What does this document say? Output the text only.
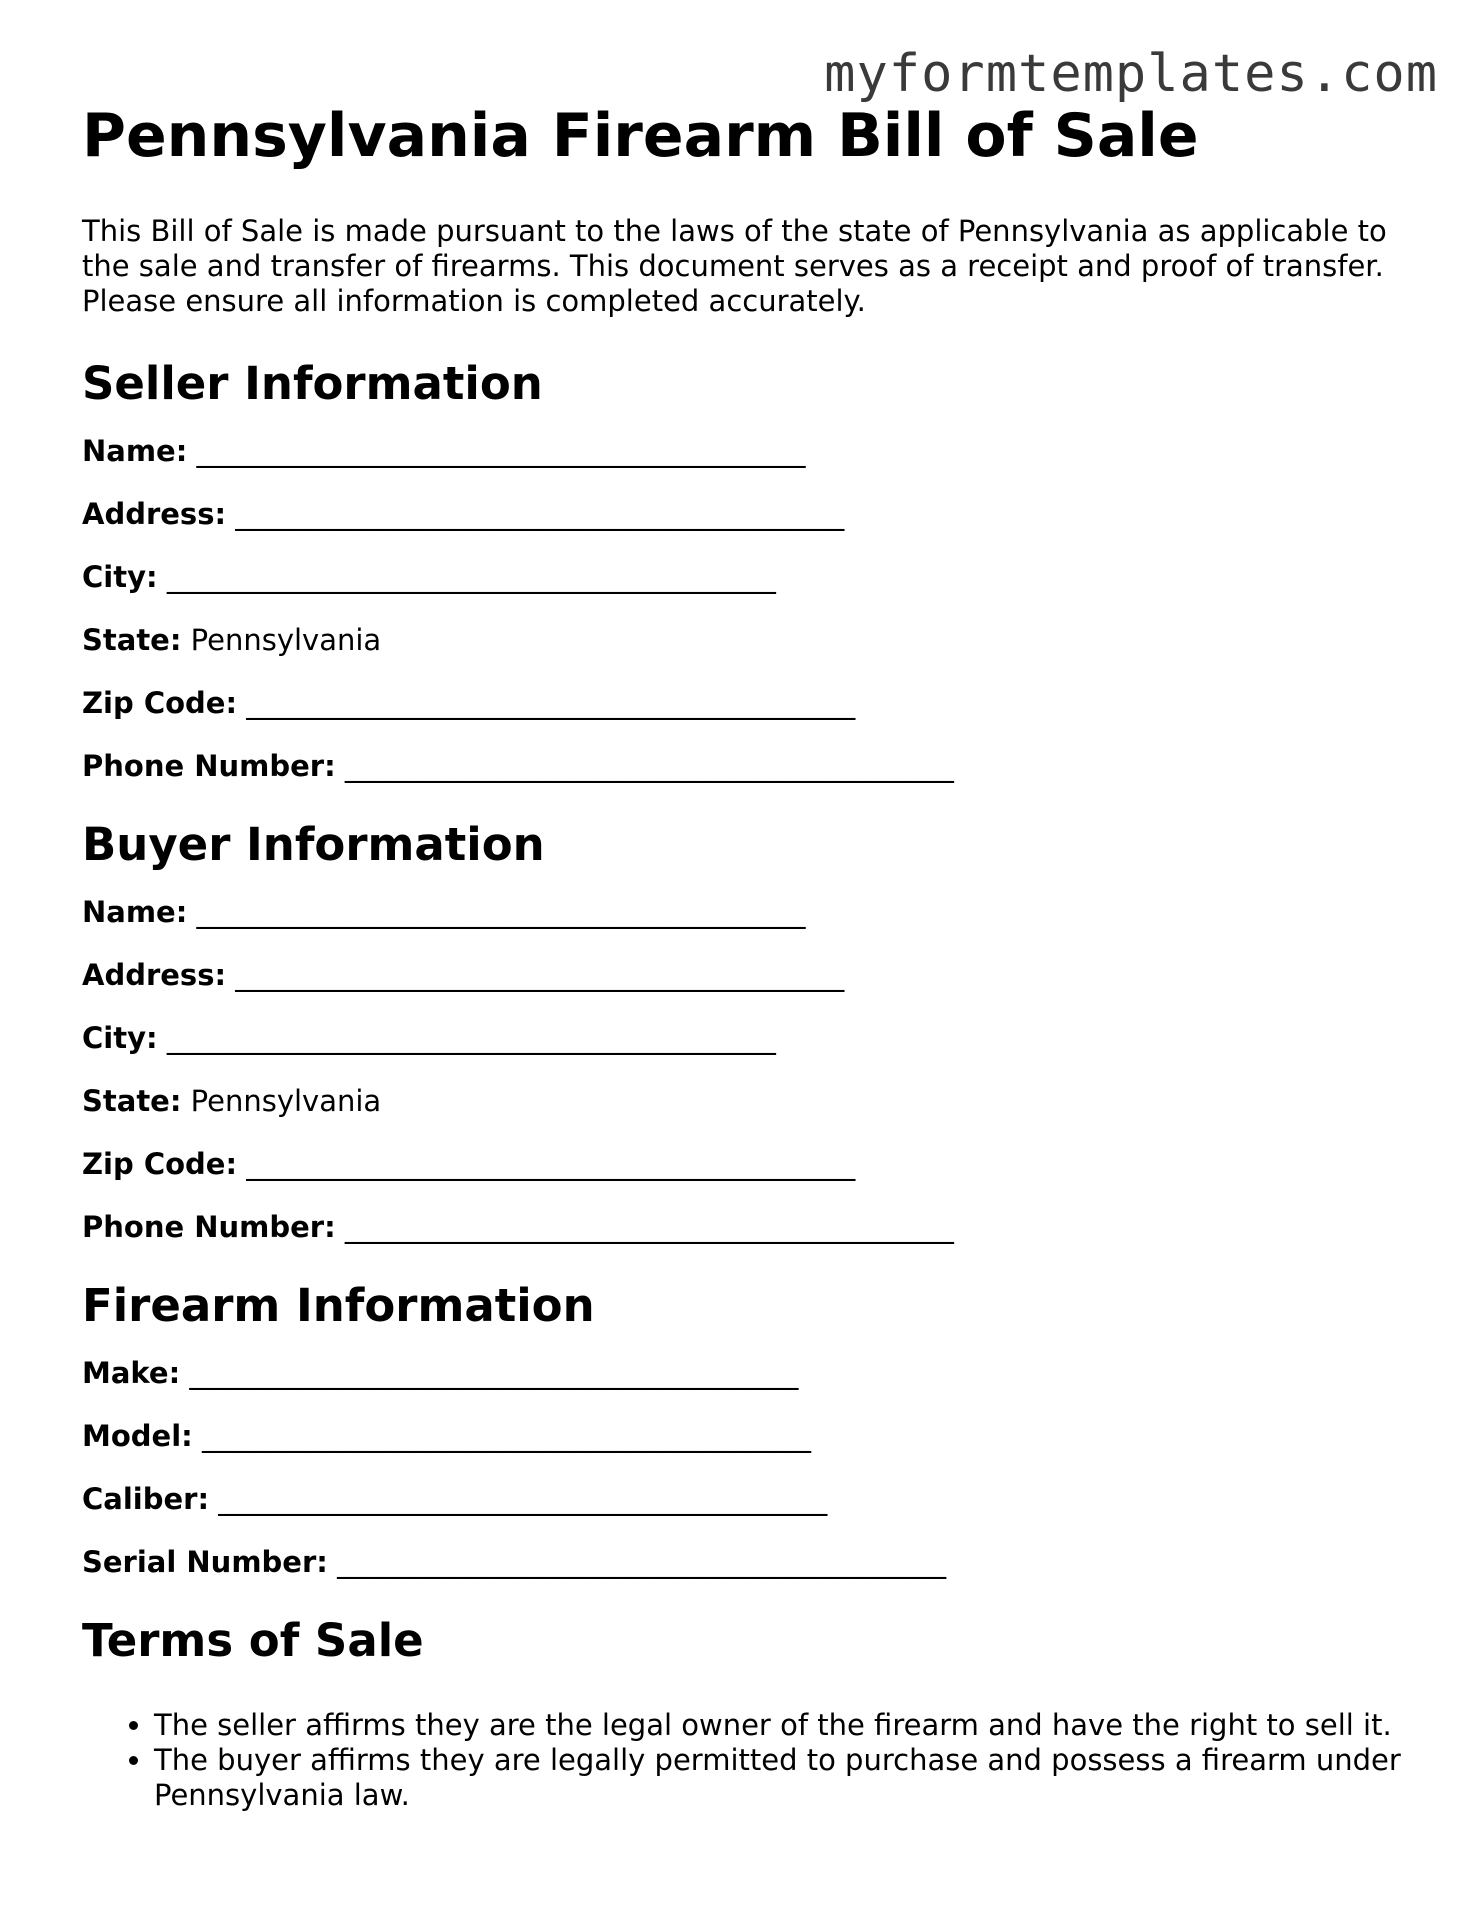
myformtemplates.com
Pennsylvania Firearm Bill of Sale

This Bill of Sale is made pursuant to the laws of the state of Pennsylvania as applicable to the sale and transfer of firearms. This document serves as a receipt and proof of transfer. Please ensure all information is completed accurately.

Seller Information
Name: __________________________________________
Address: __________________________________________
City: __________________________________________
State: Pennsylvania
Zip Code: __________________________________________
Phone Number: __________________________________________
Buyer Information
Name: __________________________________________
Address: __________________________________________
City: __________________________________________
State: Pennsylvania
Zip Code: __________________________________________
Phone Number: __________________________________________
Firearm Information
Make: __________________________________________
Model: __________________________________________
Caliber: __________________________________________
Serial Number: __________________________________________
Terms of Sale
• The seller affirms they are the legal owner of the firearm and have the right to sell it.
• The buyer affirms they are legally permitted to purchase and possess a firearm under Pennsylvania law.
